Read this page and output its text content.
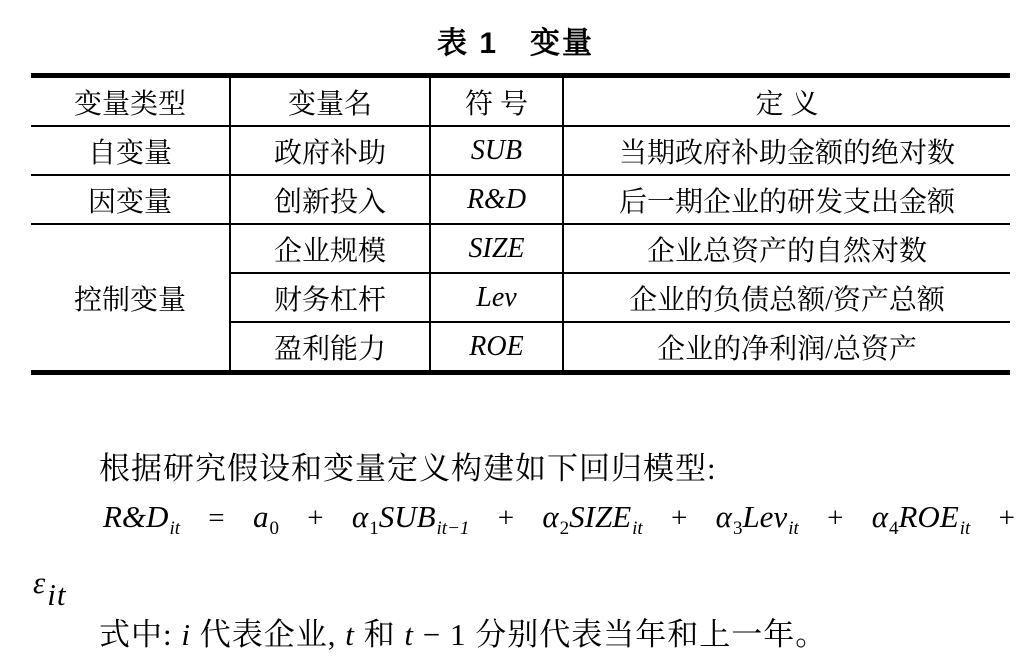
表 1　变量
变量类型	变量名	符 号	定 义
自变量	政府补助	SUB	当期政府补助金额的绝对数
因变量	创新投入	R&D	后一期企业的研发支出金额
控制变量	企业规模	SIZE	企业总资产的自然对数
	财务杠杆	Lev	企业的负债总额/资产总额
	盈利能力	ROE	企业的净利润/总资产
根据研究假设和变量定义构建如下回归模型:
$R\&D_{it} = a_0 + \alpha_1SUB_{it-1}$ + $\alpha_2SIZE_{it} + \alpha_3Lev_{it} + \alpha_4ROE_{it}$ +
εit
式中: i 代表企业, t 和 t − 1 分别代表当年和上一年。
